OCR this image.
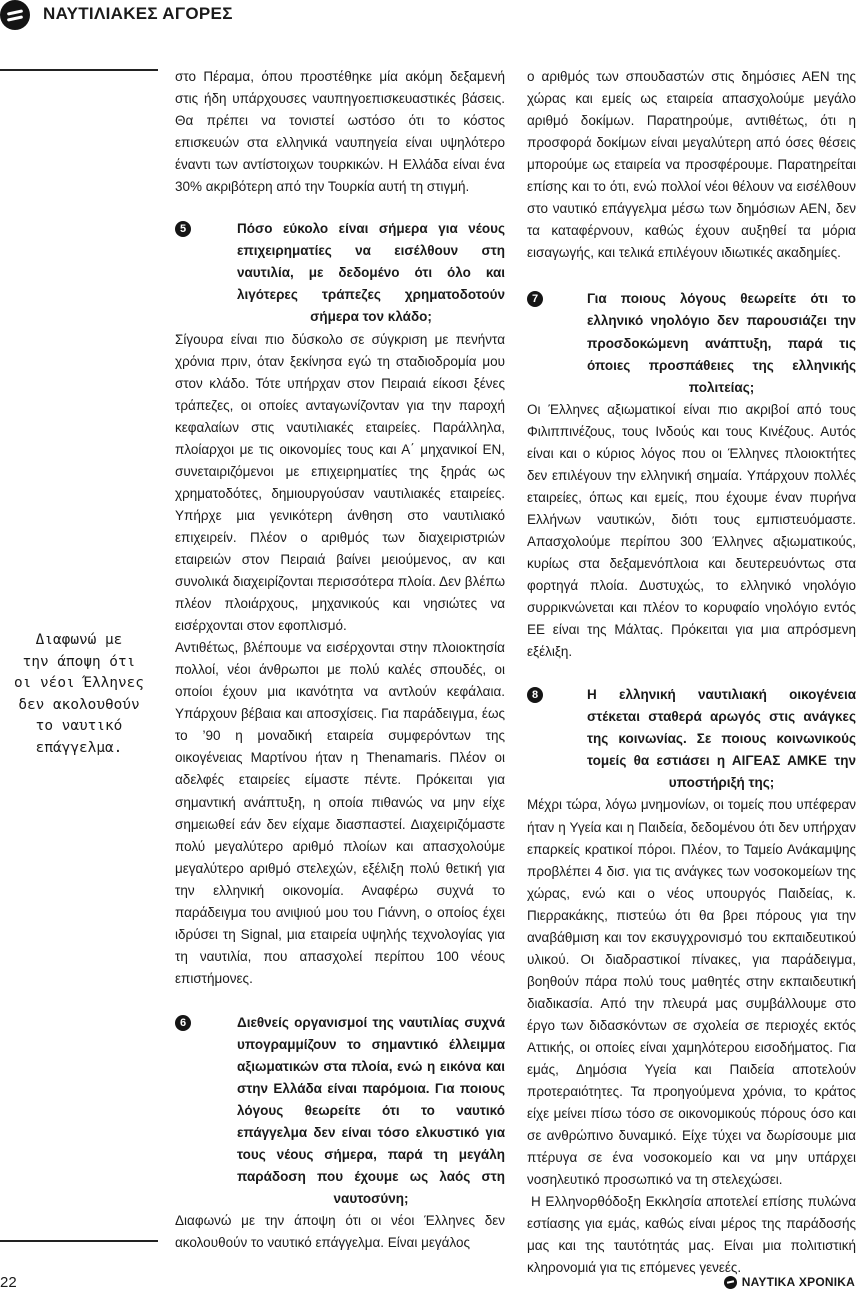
ΝΑΥΤΙΛΙΑΚΕΣ ΑΓΟΡΕΣ
Διαφωνώ με
την άποψη ότι
οι νέοι Έλληνες
δεν ακολουθούν
το ναυτικό
επάγγελμα.

στο Πέραμα, όπου προστέθηκε μία ακόμη δεξαμενή στις ήδη υπάρχουσες ναυπηγοεπισκευαστικές βάσεις. Θα πρέπει να τονιστεί ωστόσο ότι το κόστος επισκευών στα ελληνικά ναυπηγεία είναι υψηλότερο έναντι των αντίστοιχων τουρκικών. Η Ελλάδα είναι ένα 30% ακριβότερη από την Τουρκία αυτή τη στιγμή.

5	Πόσο εύκολο είναι σήμερα για νέους επιχειρηματίες να εισέλθουν στη ναυτιλία, με δεδομένο ότι όλο και λιγότερες τράπεζες χρηματοδοτούν σήμερα τον κλάδο;

Σίγουρα είναι πιο δύσκολο σε σύγκριση με πενήντα χρόνια πριν, όταν ξεκίνησα εγώ τη σταδιοδρομία μου στον κλάδο. Τότε υπήρχαν στον Πειραιά είκοσι ξένες τράπεζες, οι οποίες ανταγωνίζονταν για την παροχή κεφαλαίων στις ναυτιλιακές εταιρείες. Παράλληλα, πλοίαρχοι με τις οικονομίες τους και Α΄ μηχανικοί ΕΝ, συνεταιριζόμενοι με επιχειρηματίες της ξηράς ως χρηματοδότες, δημιουργούσαν ναυτιλιακές εταιρείες. Υπήρχε μια γενικότερη άνθηση στο ναυτιλιακό επιχειρείν. Πλέον ο αριθμός των διαχειριστριών εταιρειών στον Πειραιά βαίνει μειούμενος, αν και συνολικά διαχειρίζονται περισσότερα πλοία. Δεν βλέπω πλέον πλοιάρχους, μηχανικούς και νησιώτες να εισέρχονται στον εφοπλισμό.

Αντιθέτως, βλέπουμε να εισέρχονται στην πλοιοκτησία πολλοί, νέοι άνθρωποι με πολύ καλές σπουδές, οι οποίοι έχουν μια ικανότητα να αντλούν κεφάλαια. Υπάρχουν βέβαια και αποσχίσεις. Για παράδειγμα, έως το ’90 η μοναδική εταιρεία συμφερόντων της οικογένειας Μαρτίνου ήταν η Thenamaris. Πλέον οι αδελφές εταιρείες είμαστε πέντε. Πρόκειται για σημαντική ανάπτυξη, η οποία πιθανώς να μην είχε σημειωθεί εάν δεν είχαμε διασπαστεί. Διαχειριζόμαστε πολύ μεγαλύτερο αριθμό πλοίων και απασχολούμε μεγαλύτερο αριθμό στελεχών, εξέλιξη πολύ θετική για την ελληνική οικονομία. Αναφέρω συχνά το παράδειγμα του ανιψιού μου του Γιάννη, ο οποίος έχει ιδρύσει τη Signal, μια εταιρεία υψηλής τεχνολογίας για τη ναυτιλία, που απασχολεί περίπου 100 νέους επιστήμονες.

6	Διεθνείς οργανισμοί της ναυτιλίας συχνά υπογραμμίζουν το σημαντικό έλλειμμα αξιωματικών στα πλοία, ενώ η εικόνα και στην Ελλάδα είναι παρόμοια. Για ποιους λόγους θεωρείτε ότι το ναυτικό επάγγελμα δεν είναι τόσο ελκυστικό για τους νέους σήμερα, παρά τη μεγάλη παράδοση που έχουμε ως λαός στη ναυτοσύνη;

Διαφωνώ με την άποψη ότι οι νέοι Έλληνες δεν ακολουθούν το ναυτικό επάγγελμα. Είναι μεγάλος

ο αριθμός των σπουδαστών στις δημόσιες ΑΕΝ της χώρας και εμείς ως εταιρεία απασχολούμε μεγάλο αριθμό δοκίμων. Παρατηρούμε, αντιθέτως, ότι η προσφορά δοκίμων είναι μεγαλύτερη από όσες θέσεις μπορούμε ως εταιρεία να προσφέρουμε. Παρατηρείται επίσης και το ότι, ενώ πολλοί νέοι θέλουν να εισέλθουν στο ναυτικό επάγγελμα μέσω των δημόσιων ΑΕΝ, δεν τα καταφέρνουν, καθώς έχουν αυξηθεί τα μόρια εισαγωγής, και τελικά επιλέγουν ιδιωτικές ακαδημίες.

7	Για ποιους λόγους θεωρείτε ότι το ελληνικό νηολόγιο δεν παρουσιάζει την προσδοκώμενη ανάπτυξη, παρά τις όποιες προσπάθειες της ελληνικής πολιτείας;

Οι Έλληνες αξιωματικοί είναι πιο ακριβοί από τους Φιλιππινέζους, τους Ινδούς και τους Κινέζους. Αυτός είναι και ο κύριος λόγος που οι Έλληνες πλοιοκτήτες δεν επιλέγουν την ελληνική σημαία. Υπάρχουν πολλές εταιρείες, όπως και εμείς, που έχουμε έναν πυρήνα Ελλήνων ναυτικών, διότι τους εμπιστευόμαστε. Απασχολούμε περίπου 300 Έλληνες αξιωματικούς, κυρίως στα δεξαμενόπλοια και δευτερευόντως στα φορτηγά πλοία. Δυστυχώς, το ελληνικό νηολόγιο συρρικνώνεται και πλέον το κορυφαίο νηολόγιο εντός ΕΕ είναι της Μάλτας. Πρόκειται για μια απρόσμενη εξέλιξη.

8	Η ελληνική ναυτιλιακή οικογένεια στέκεται σταθερά αρωγός στις ανάγκες της κοινωνίας. Σε ποιους κοινωνικούς τομείς θα εστιάσει η ΑΙΓΕΑΣ ΑΜΚΕ την υποστήριξή της;

Μέχρι τώρα, λόγω μνημονίων, οι τομείς που υπέφεραν ήταν η Υγεία και η Παιδεία, δεδομένου ότι δεν υπήρχαν επαρκείς κρατικοί πόροι. Πλέον, το Ταμείο Ανάκαμψης προβλέπει 4 δισ. για τις ανάγκες των νοσοκομείων της χώρας, ενώ και ο νέος υπουργός Παιδείας, κ. Πιερρακάκης, πιστεύω ότι θα βρει πόρους για την αναβάθμιση και τον εκσυγχρονισμό του εκπαιδευτικού υλικού. Οι διαδραστικοί πίνακες, για παράδειγμα, βοηθούν πάρα πολύ τους μαθητές στην εκπαιδευτική διαδικασία. Από την πλευρά μας συμβάλλουμε στο έργο των διδασκόντων σε σχολεία σε περιοχές εκτός Αττικής, οι οποίες είναι χαμηλότερου εισοδήματος. Για εμάς, Δημόσια Υγεία και Παιδεία αποτελούν προτεραιότητες. Τα προηγούμενα χρόνια, το κράτος είχε μείνει πίσω τόσο σε οικονομικούς πόρους όσο και σε ανθρώπινο δυναμικό. Είχε τύχει να δωρίσουμε μια πτέρυγα σε ένα νοσοκομείο και να μην υπάρχει νοσηλευτικό προσωπικό να τη στελεχώσει.

Η Ελληνορθόδοξη Εκκλησία αποτελεί επίσης πυλώνα εστίασης για εμάς, καθώς είναι μέρος της παράδοσής μας και της ταυτότητάς μας. Είναι μια πολιτιστική κληρονομιά για τις επόμενες γενεές.

22	ΝΑΥΤΙΚΑ ΧΡΟΝΙΚΑ
